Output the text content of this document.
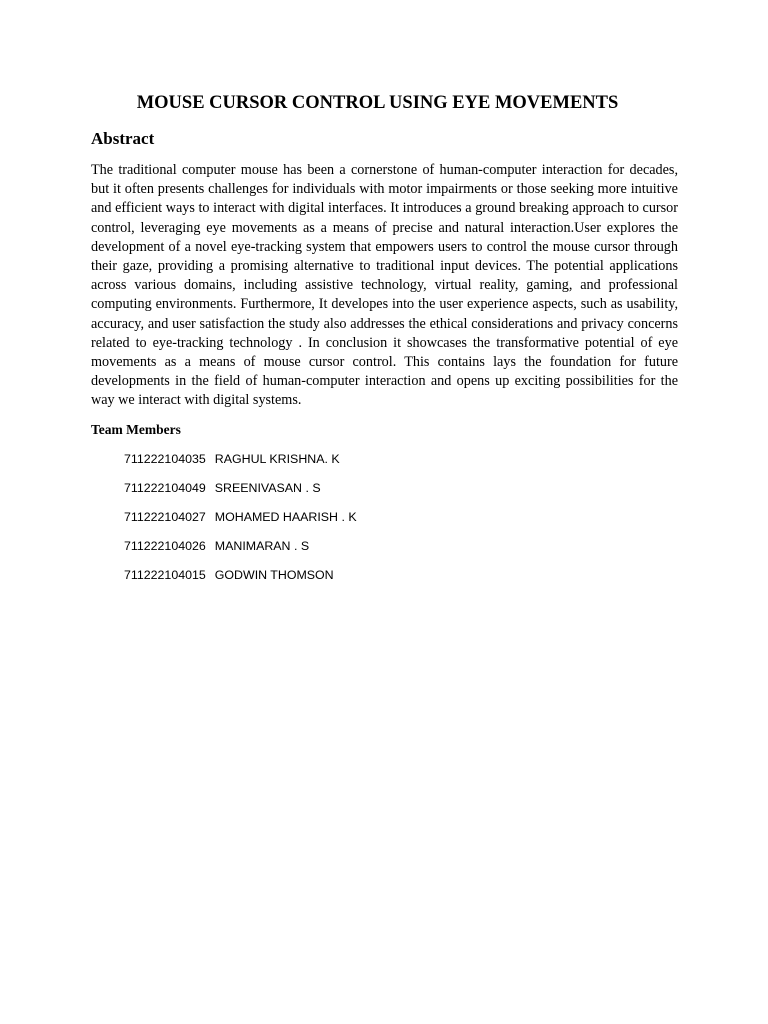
MOUSE CURSOR CONTROL USING EYE MOVEMENTS
Abstract

The traditional computer mouse has been a cornerstone of human-computer interaction for decades, but it often presents challenges for individuals with motor impairments or those seeking more intuitive and efficient ways to interact with digital interfaces. It introduces a ground breaking approach to cursor control, leveraging eye movements as a means of precise and natural interaction.User explores the development of a novel eye-tracking system that empowers users to control the mouse cursor through their gaze, providing a promising alternative to traditional input devices. The potential applications across various domains, including assistive technology, virtual reality, gaming, and professional computing environments. Furthermore, It developes into the user experience aspects, such as usability, accuracy, and user satisfaction the study also addresses the ethical considerations and privacy concerns related to eye-tracking technology . In conclusion it showcases the transformative potential of eye movements as a means of mouse cursor control. This contains lays the foundation for future developments in the field of human-computer interaction and opens up exciting possibilities for the way we interact with digital systems.

Team Members
711222104035 RAGHUL KRISHNA. K
711222104049 SREENIVASAN . S
711222104027 MOHAMED HAARISH . K
711222104026 MANIMARAN . S
711222104015 GODWIN THOMSON
